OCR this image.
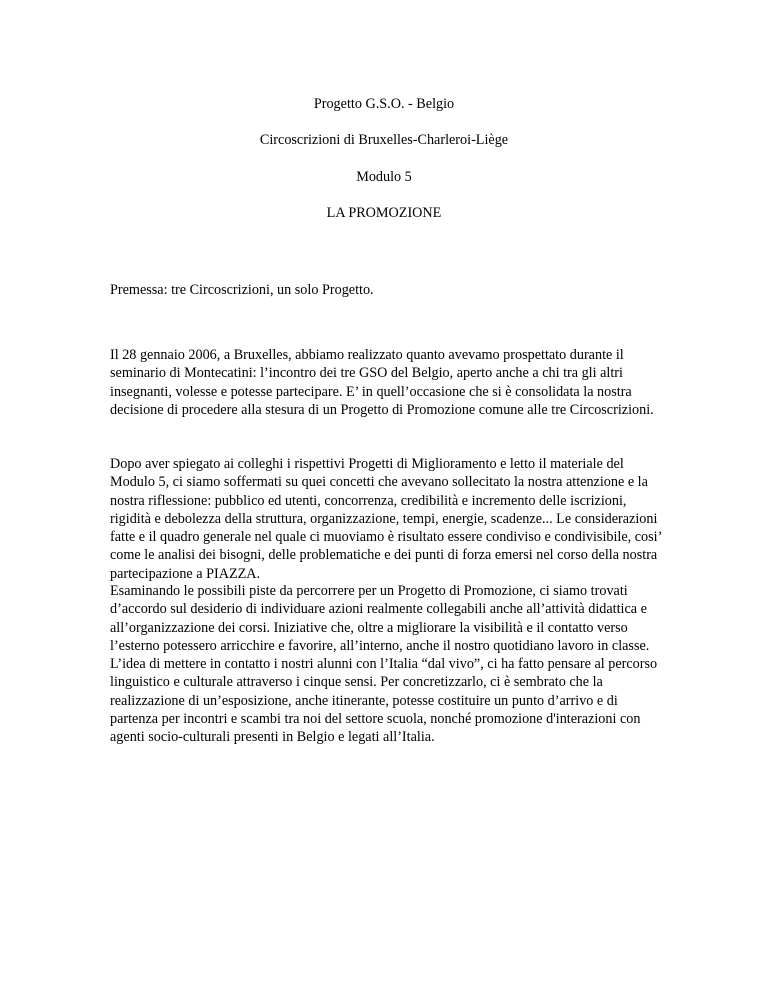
Progetto G.S.O. - Belgio

Circoscrizioni di Bruxelles-Charleroi-Liège

Modulo 5

LA PROMOZIONE

Premessa: tre Circoscrizioni, un solo Progetto.

Il 28 gennaio 2006, a Bruxelles, abbiamo realizzato quanto avevamo prospettato durante il seminario di Montecatini: l’incontro dei tre GSO del Belgio, aperto anche a chi tra gli altri insegnanti, volesse e potesse partecipare. E’ in quell’occasione che si è consolidata la nostra decisione di procedere alla stesura di un Progetto di Promozione comune alle tre Circoscrizioni.

Dopo aver spiegato ai colleghi i rispettivi Progetti di Miglioramento e letto il materiale del Modulo 5, ci siamo soffermati su quei concetti che avevano sollecitato la nostra attenzione e la nostra riflessione: pubblico ed utenti, concorrenza, credibilità e incremento delle iscrizioni, rigidità e debolezza della struttura, organizzazione, tempi, energie, scadenze... Le considerazioni fatte e il quadro generale nel quale ci muoviamo è risultato essere condiviso e condivisibile, cosi’ come le analisi dei bisogni, delle problematiche e dei punti di forza emersi nel corso della nostra partecipazione a PIAZZA.

Esaminando le possibili piste da percorrere per un Progetto di Promozione, ci siamo trovati d’accordo sul desiderio di individuare azioni realmente collegabili anche all’attività didattica e all’organizzazione dei corsi. Iniziative che, oltre a migliorare la visibilità e il contatto verso l’esterno potessero arricchire e favorire, all’interno, anche il nostro quotidiano lavoro in classe. L’idea di mettere in contatto i nostri alunni con l’Italia “dal vivo”, ci ha fatto pensare al percorso linguistico e culturale attraverso i cinque sensi. Per concretizzarlo, ci è sembrato che la realizzazione di un’esposizione, anche itinerante, potesse costituire un punto d’arrivo e di partenza per incontri e scambi tra noi del settore scuola, nonché promozione d'interazioni con agenti socio-culturali presenti in Belgio e legati all’Italia.
